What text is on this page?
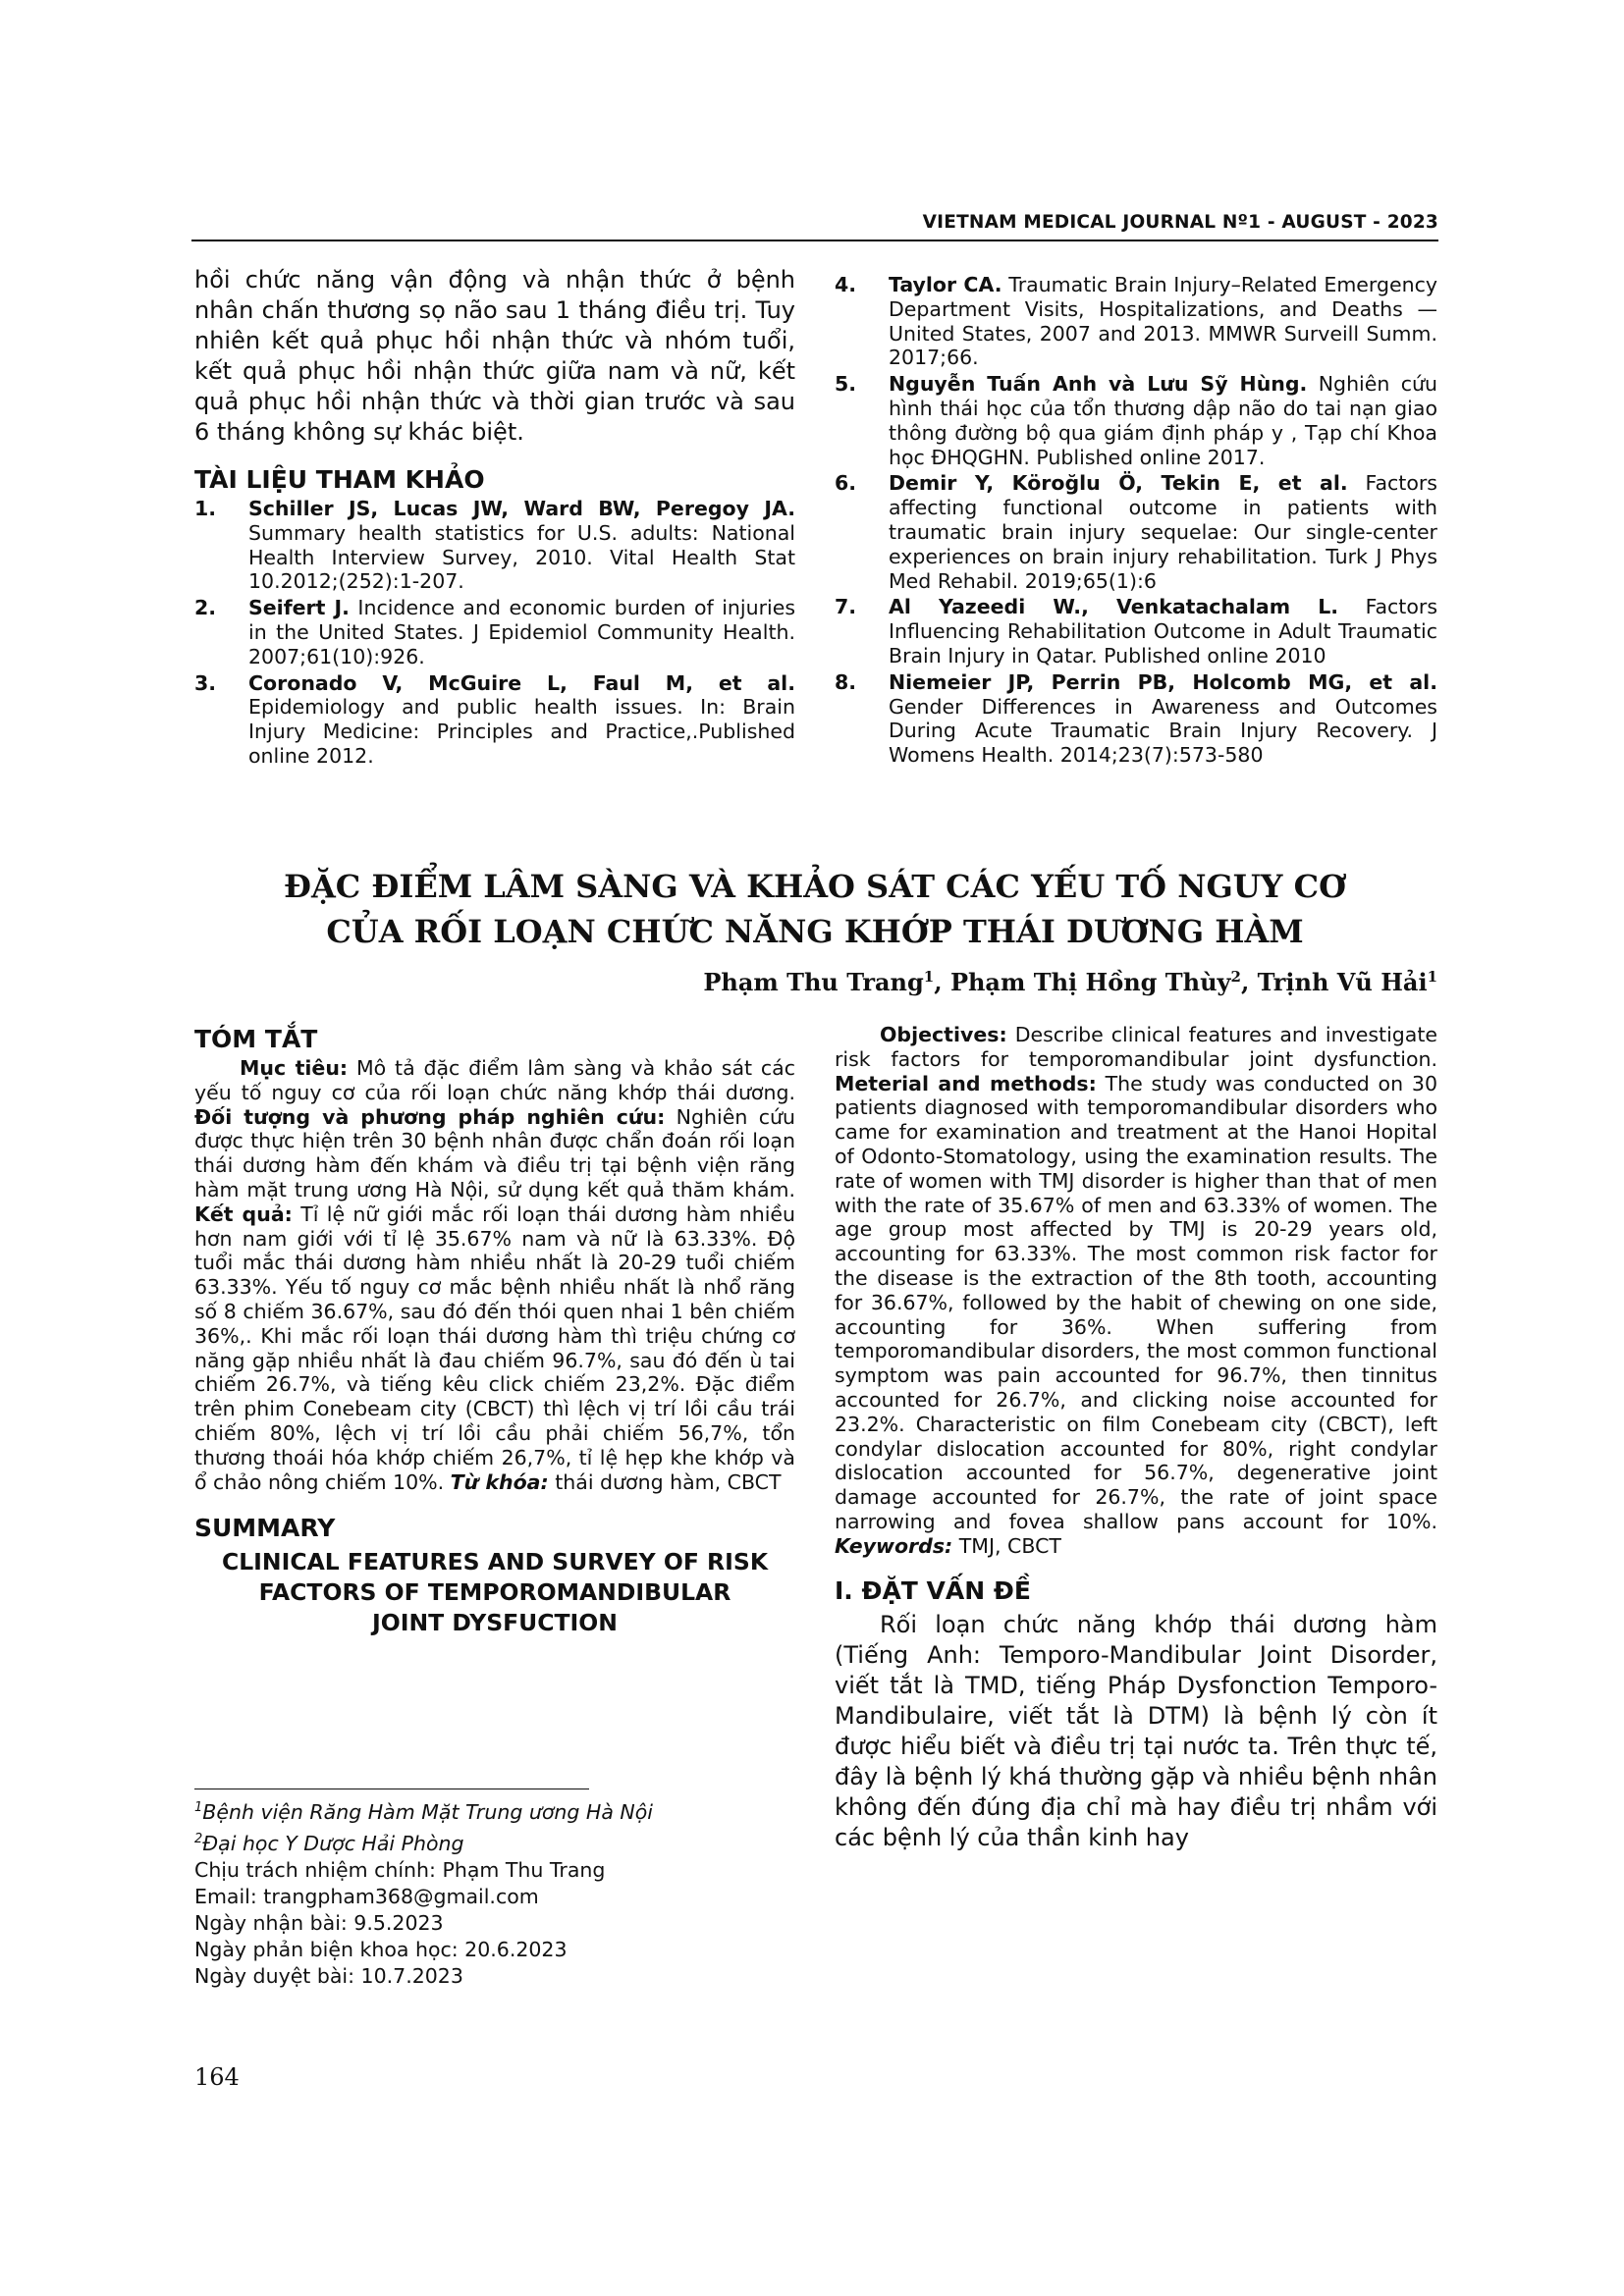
VIETNAM MEDICAL JOURNAL Nº1 - AUGUST - 2023
hồi chức năng vận động và nhận thức ở bệnh nhân chấn thương sọ não sau 1 tháng điều trị. Tuy nhiên kết quả phục hồi nhận thức và nhóm tuổi, kết quả phục hồi nhận thức giữa nam và nữ, kết quả phục hồi nhận thức và thời gian trước và sau 6 tháng không sự khác biệt.
TÀI LIỆU THAM KHẢO
1. Schiller JS, Lucas JW, Ward BW, Peregoy JA. Summary health statistics for U.S. adults: National Health Interview Survey, 2010. Vital Health Stat 10.2012;(252):1-207.
2. Seifert J. Incidence and economic burden of injuries in the United States. J Epidemiol Community Health. 2007;61(10):926.
3. Coronado V, McGuire L, Faul M, et al. Epidemiology and public health issues. In: Brain Injury Medicine: Principles and Practice,.Published online 2012.
4. Taylor CA. Traumatic Brain Injury–Related Emergency Department Visits, Hospitalizations, and Deaths — United States, 2007 and 2013. MMWR Surveill Summ. 2017;66.
5. Nguyễn Tuấn Anh và Lưu Sỹ Hùng. Nghiên cứu hình thái học của tổn thương dập não do tai nạn giao thông đường bộ qua giám định pháp y , Tạp chí Khoa học ĐHQGHN. Published online 2017.
6. Demir Y, Köroğlu Ö, Tekin E, et al. Factors affecting functional outcome in patients with traumatic brain injury sequelae: Our single-center experiences on brain injury rehabilitation. Turk J Phys Med Rehabil. 2019;65(1):6
7. Al Yazeedi W., Venkatachalam L. Factors Influencing Rehabilitation Outcome in Adult Traumatic Brain Injury in Qatar. Published online 2010
8. Niemeier JP, Perrin PB, Holcomb MG, et al. Gender Differences in Awareness and Outcomes During Acute Traumatic Brain Injury Recovery. J Womens Health. 2014;23(7):573-580
ĐẶC ĐIỂM LÂM SÀNG VÀ KHẢO SÁT CÁC YẾU TỐ NGUY CƠ
CỦA RỐI LOẠN CHỨC NĂNG KHỚP THÁI DƯƠNG HÀM
Phạm Thu Trang$^1$, Phạm Thị Hồng Thùy$^2$, Trịnh Vũ Hải$^1$
TÓM TẮT
Mục tiêu: Mô tả đặc điểm lâm sàng và khảo sát các yếu tố nguy cơ của rối loạn chức năng khớp thái dương. Đối tượng và phương pháp nghiên cứu: Nghiên cứu được thực hiện trên 30 bệnh nhân được chẩn đoán rối loạn thái dương hàm đến khám và điều trị tại bệnh viện răng hàm mặt trung ương Hà Nội, sử dụng kết quả thăm khám. Kết quả: Tỉ lệ nữ giới mắc rối loạn thái dương hàm nhiều hơn nam giới với tỉ lệ 35.67% nam và nữ là 63.33%. Độ tuổi mắc thái dương hàm nhiều nhất là 20-29 tuổi chiếm 63.33%. Yếu tố nguy cơ mắc bệnh nhiều nhất là nhổ răng số 8 chiếm 36.67%, sau đó đến thói quen nhai 1 bên chiếm 36%,. Khi mắc rối loạn thái dương hàm thì triệu chứng cơ năng gặp nhiều nhất là đau chiếm 96.7%, sau đó đến ù tai chiếm 26.7%, và tiếng kêu click chiếm 23,2%. Đặc điểm trên phim Conebeam city (CBCT) thì lệch vị trí lồi cầu trái chiếm 80%, lệch vị trí lồi cầu phải chiếm 56,7%, tổn thương thoái hóa khớp chiếm 26,7%, tỉ lệ hẹp khe khớp và ổ chảo nông chiếm 10%. Từ khóa: thái dương hàm, CBCT
SUMMARY
CLINICAL FEATURES AND SURVEY OF RISK
FACTORS OF TEMPOROMANDIBULAR
JOINT DYSFUCTION
$^1$Bệnh viện Răng Hàm Mặt Trung ương Hà Nội
$^2$Đại học Y Dược Hải Phòng
Chịu trách nhiệm chính: Phạm Thu Trang
Email: trangpham368@gmail.com
Ngày nhận bài: 9.5.2023
Ngày phản biện khoa học: 20.6.2023
Ngày duyệt bài: 10.7.2023
Objectives: Describe clinical features and investigate risk factors for temporomandibular joint dysfunction. Meterial and methods: The study was conducted on 30 patients diagnosed with temporomandibular disorders who came for examination and treatment at the Hanoi Hopital of Odonto-Stomatology, using the examination results. The rate of women with TMJ disorder is higher than that of men with the rate of 35.67% of men and 63.33% of women. The age group most affected by TMJ is 20-29 years old, accounting for 63.33%. The most common risk factor for the disease is the extraction of the 8th tooth, accounting for 36.67%, followed by the habit of chewing on one side, accounting for 36%. When suffering from temporomandibular disorders, the most common functional symptom was pain accounted for 96.7%, then tinnitus accounted for 26.7%, and clicking noise accounted for 23.2%. Characteristic on film Conebeam city (CBCT), left condylar dislocation accounted for 80%, right condylar dislocation accounted for 56.7%, degenerative joint damage accounted for 26.7%, the rate of joint space narrowing and fovea shallow pans account for 10%. Keywords: TMJ, CBCT
I. ĐẶT VẤN ĐỀ
Rối loạn chức năng khớp thái dương hàm (Tiếng Anh: Temporo-Mandibular Joint Disorder, viết tắt là TMD, tiếng Pháp Dysfonction Temporo-Mandibulaire, viết tắt là DTM) là bệnh lý còn ít được hiểu biết và điều trị tại nước ta. Trên thực tế, đây là bệnh lý khá thường gặp và nhiều bệnh nhân không đến đúng địa chỉ mà hay điều trị nhầm với các bệnh lý của thần kinh hay
164
